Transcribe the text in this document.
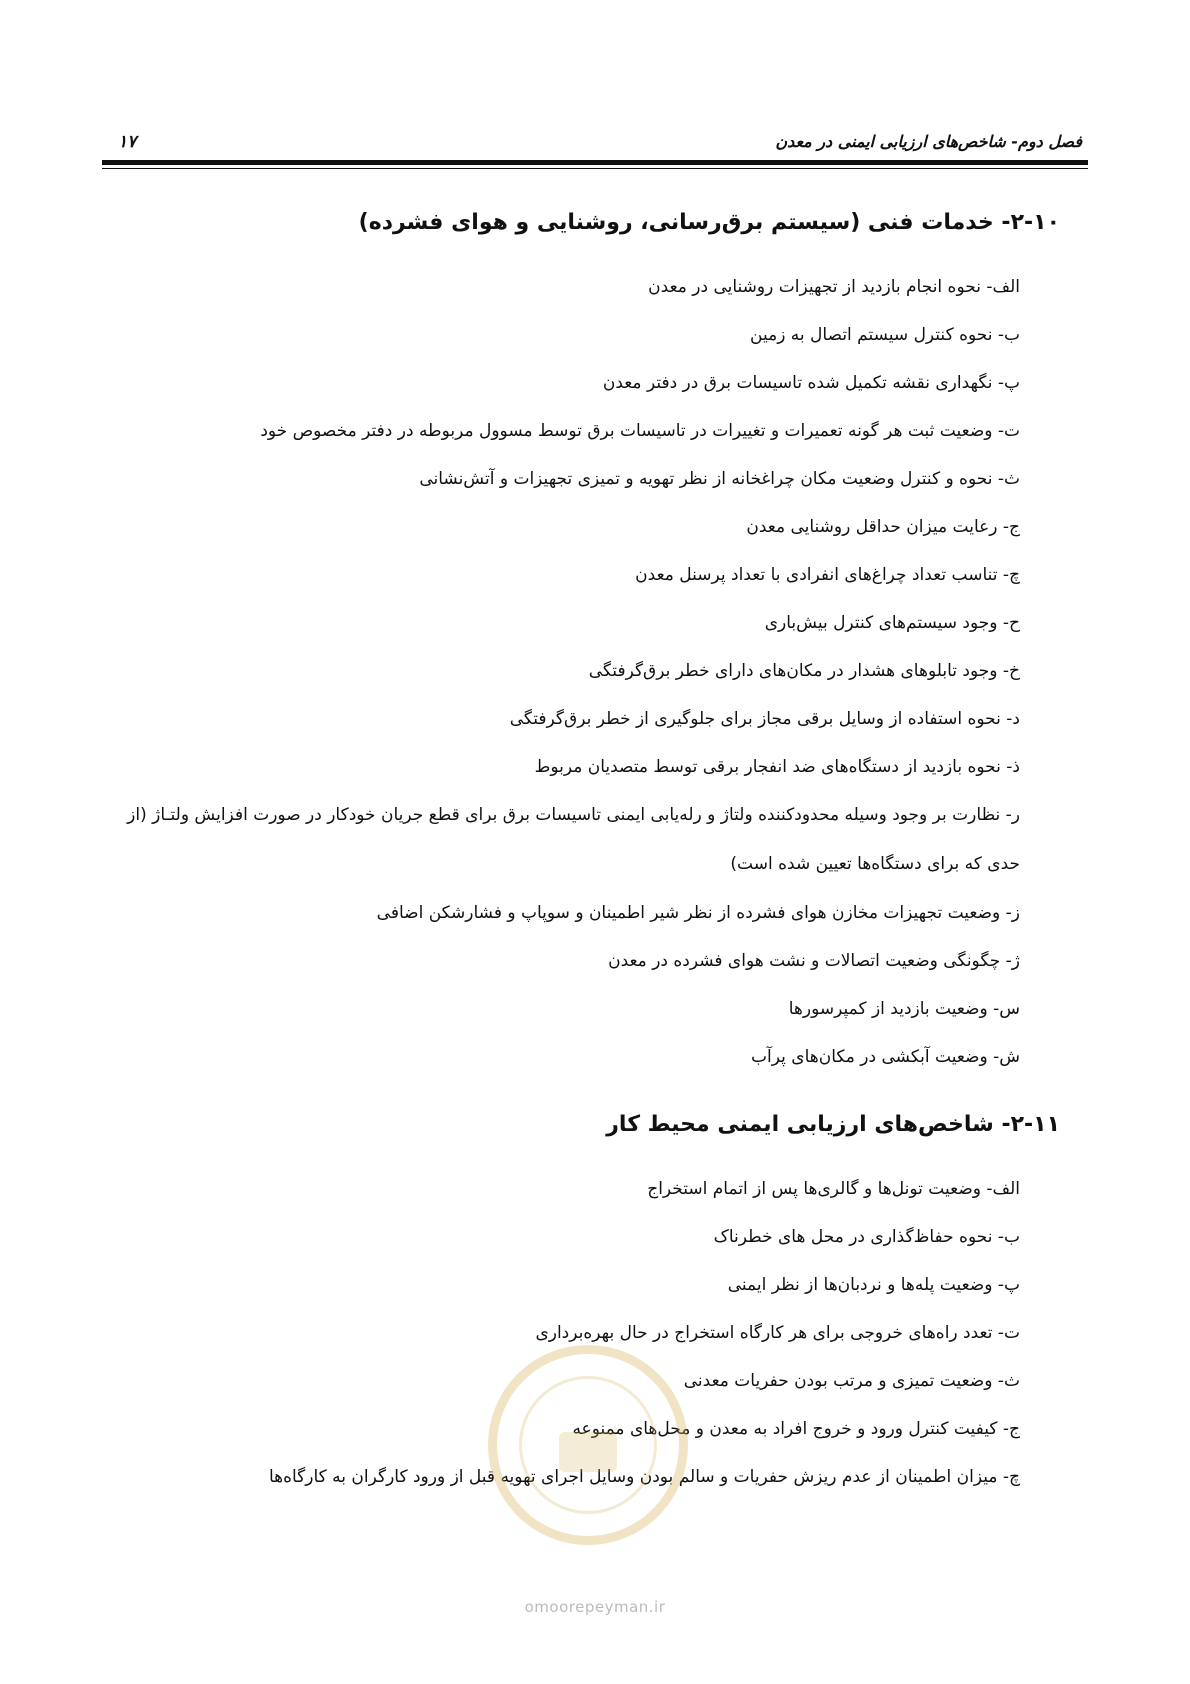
۱۷	فصل دوم- شاخص‌های ارزیابی ایمنی در معدن
۲-۱۰- خدمات فنی (سیستم برق‌رسانی، روشنایی و هوای فشرده)
الف- نحوه انجام بازدید از تجهیزات روشنایی در معدن
ب- نحوه کنترل سیستم اتصال به زمین
پ- نگهداری نقشه تکمیل شده تاسیسات برق در دفتر معدن
ت- وضعیت ثبت هر گونه تعمیرات و تغییرات در تاسیسات برق توسط مسوول مربوطه در دفتر مخصوص خود
ث- نحوه و کنترل وضعیت مکان چراغخانه از نظر تهویه و تمیزی تجهیزات و آتش‌نشانی
ج- رعایت میزان حداقل روشنایی معدن
چ- تناسب تعداد چراغ‌های انفرادی با تعداد پرسنل معدن
ح- وجود سیستم‌های کنترل بیش‌باری
خ- وجود تابلوهای هشدار در مکان‌های دارای خطر برق‌گرفتگی
د- نحوه استفاده از وسایل برقی مجاز برای جلوگیری از خطر برق‌گرفتگی
ذ- نحوه بازدید از دستگاه‌های ضد انفجار برقی توسط متصدیان مربوط
ر- نظارت بر وجود وسیله محدودکننده ولتاژ و رله‌یابی ایمنی تاسیسات برق برای قطع جریان خودکار در صورت افزایش ولتـاژ (از حدی که برای دستگاه‌ها تعیین شده است)
ز- وضعیت تجهیزات مخازن هوای فشرده از نظر شیر اطمینان و سوپاپ و فشارشکن اضافی
ژ- چگونگی وضعیت اتصالات و نشت هوای فشرده در معدن
س- وضعیت بازدید از کمپرسورها
ش- وضعیت آبکشی در مکان‌های پرآب
۲-۱۱- شاخص‌های ارزیابی ایمنی محیط کار
الف- وضعیت تونل‌ها و گالری‌ها پس از اتمام استخراج
ب- نحوه حفاظ‌گذاری در محل های خطرناک
پ- وضعیت پله‌ها و نردبان‌ها از نظر ایمنی
ت- تعدد راه‌های خروجی برای هر کارگاه استخراج در حال بهره‌برداری
ث- وضعیت تمیزی و مرتب بودن حفریات معدنی
ج- کیفیت کنترل ورود و خروج افراد به معدن و محل‌های ممنوعه
چ- میزان اطمینان از عدم ریزش حفریات و سالم بودن وسایل اجرای تهویه قبل از ورود کارگران به کارگاه‌ها
omoorepeyman.ir
